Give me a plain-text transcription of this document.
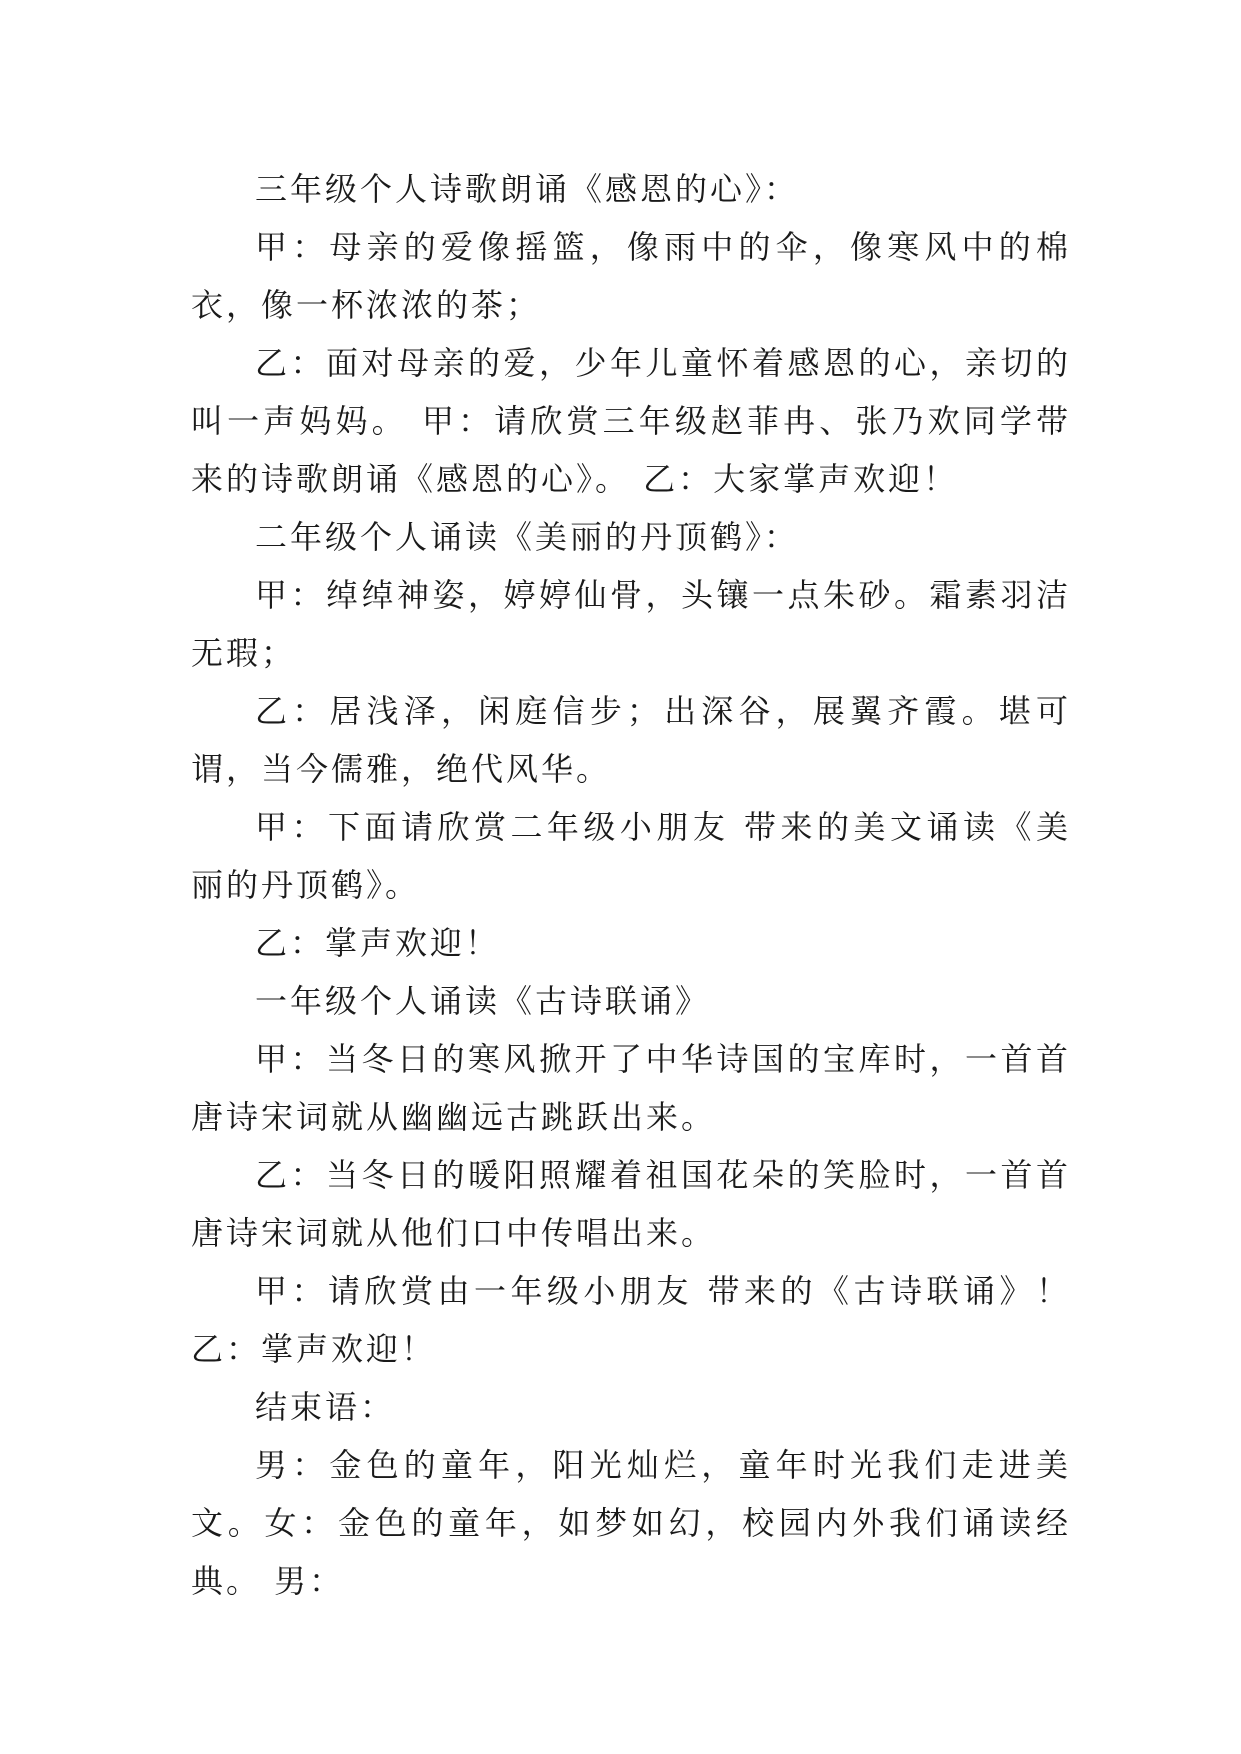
三年级个人诗歌朗诵《感恩的心》：

甲：母亲的爱像摇篮，像雨中的伞，像寒风中的棉衣，像一杯浓浓的茶；

乙：面对母亲的爱，少年儿童怀着感恩的心，亲切的叫一声妈妈。 甲：请欣赏三年级赵菲冉、张乃欢同学带来的诗歌朗诵《感恩的心》。 乙：大家掌声欢迎！

二年级个人诵读《美丽的丹顶鹤》：

甲：绰绰神姿，婷婷仙骨，头镶一点朱砂。霜素羽洁无瑕；

乙：居浅泽，闲庭信步；出深谷，展翼齐霞。堪可谓，当今儒雅，绝代风华。

甲：下面请欣赏二年级小朋友 带来的美文诵读《美丽的丹顶鹤》。

乙：掌声欢迎！

一年级个人诵读《古诗联诵》

甲：当冬日的寒风掀开了中华诗国的宝库时，一首首唐诗宋词就从幽幽远古跳跃出来。

乙：当冬日的暖阳照耀着祖国花朵的笑脸时，一首首唐诗宋词就从他们口中传唱出来。

甲：请欣赏由一年级小朋友 带来的《古诗联诵》！ 乙：掌声欢迎！

结束语：

男：金色的童年，阳光灿烂，童年时光我们走进美文。女：金色的童年，如梦如幻，校园内外我们诵读经典。 男：
